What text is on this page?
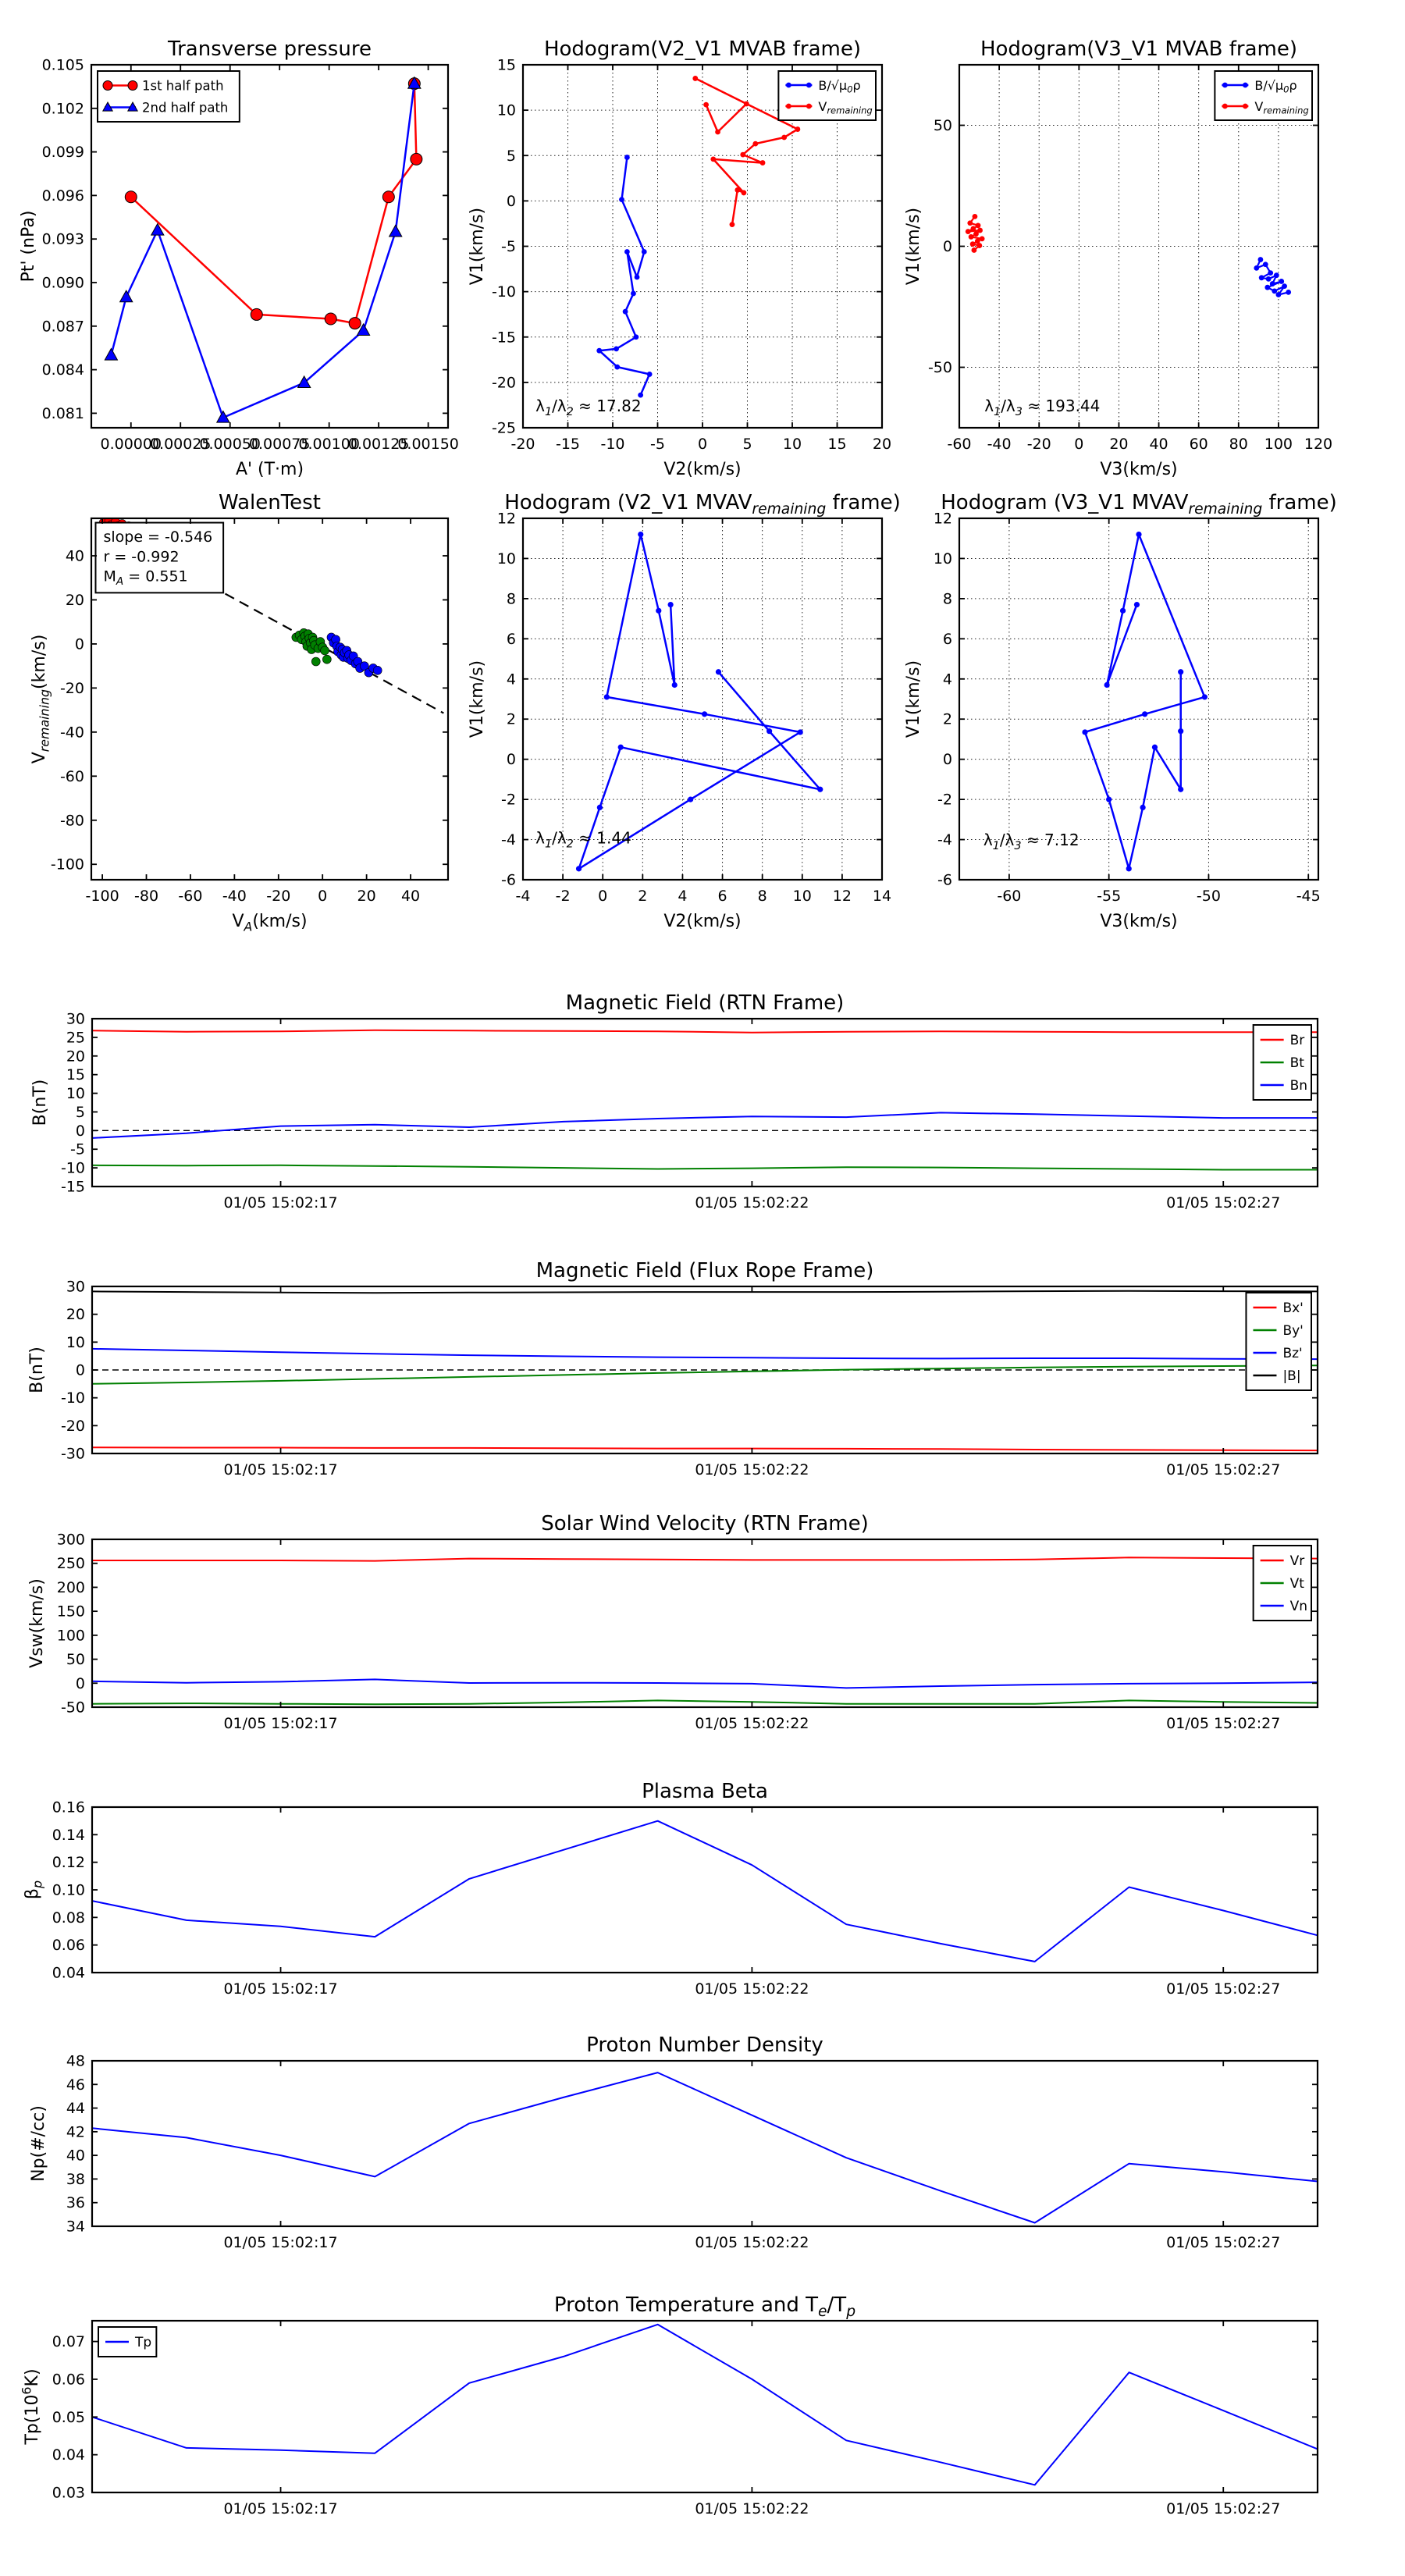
0.00000
0.00025
0.00050
0.00075
0.00100
0.00125
0.00150
0.081
0.084
0.087
0.090
0.093
0.096
0.099
0.102
0.105
Transverse pressure
A' (T·m)
Pt' (nPa)
1st half path
2nd half path
-20 -15 -10 -5 0 5 10 15 20
-25
-20
-15
-10
-5
0
5
10
15
Hodogram(V2_V1 MVAB frame)
V2(km/s)
V1(km/s)
$B/√\mu_0\rho$
$V_{remaining}$
$\lambda_1/\lambda_2 \approx 17.82$
-60 -40 -20 0 20 40 60 80 100 120
-50
0
50
Hodogram(V3_V1 MVAB frame)
V3(km/s)
V1(km/s)
$B/√\mu_0\rho$
$V_{remaining}$
$\lambda_1/\lambda_3 \approx 193.44$
slope = -0.546
r = -0.992
$M_A = 0.551$
-100 -80 -60 -40 -20 0 20 40
-100
-80
-60
-40
-20
0
20
40
WalenTest
$V_A(km/s)$
$V_{remaining}(km/s)$
-4 -2 0 2 4 6 8 10 12 14
-6
-4
-2
0
2
4
6
8
10
12
Hodogram (V2_V1 $MVAV_{remaining}$ frame)
V2(km/s)
V1(km/s)
$\lambda_1/\lambda_2 \approx 1.44$
-60	-55	-50	-45
-6
-4
-2
0
2
4
6
8
10
12
Hodogram (V3_V1 $MVAV_{remaining}$ frame)
V3(km/s)
V1(km/s)
$\lambda_1/\lambda_3 \approx 7.12$
01/05 15:02:17	01/05 15:02:22	01/05 15:02:27
-15
-10
-5
0
5
10
15
20
25
30
Magnetic Field (RTN Frame)
B(nT)
Br
Bt
Bn
01/05 15:02:17	01/05 15:02:22	01/05 15:02:27
-30
-20
-10
0
10
20
30
Magnetic Field (Flux Rope Frame)
B(nT)
Bx'
By'
Bz'
|B|
01/05 15:02:17	01/05 15:02:22	01/05 15:02:27
-50
0
50
100
150
200
250
300
Solar Wind Velocity (RTN Frame)
Vsw(km/s)
Vr
Vt
Vn
01/05 15:02:17	01/05 15:02:22	01/05 15:02:27
0.04
0.06
0.08
0.10
0.12
0.14
0.16
Plasma Beta
$\beta_p$
01/05 15:02:17	01/05 15:02:22	01/05 15:02:27
34
36
38
40
42
44
46
48
Proton Number Density
Np(#/cc)
01/05 15:02:17	01/05 15:02:22	01/05 15:02:27
0.03
0.04
0.05
0.06
0.07
Proton Temperature and $T_e/T_p$
$Tp(10^6K)$
Tp
